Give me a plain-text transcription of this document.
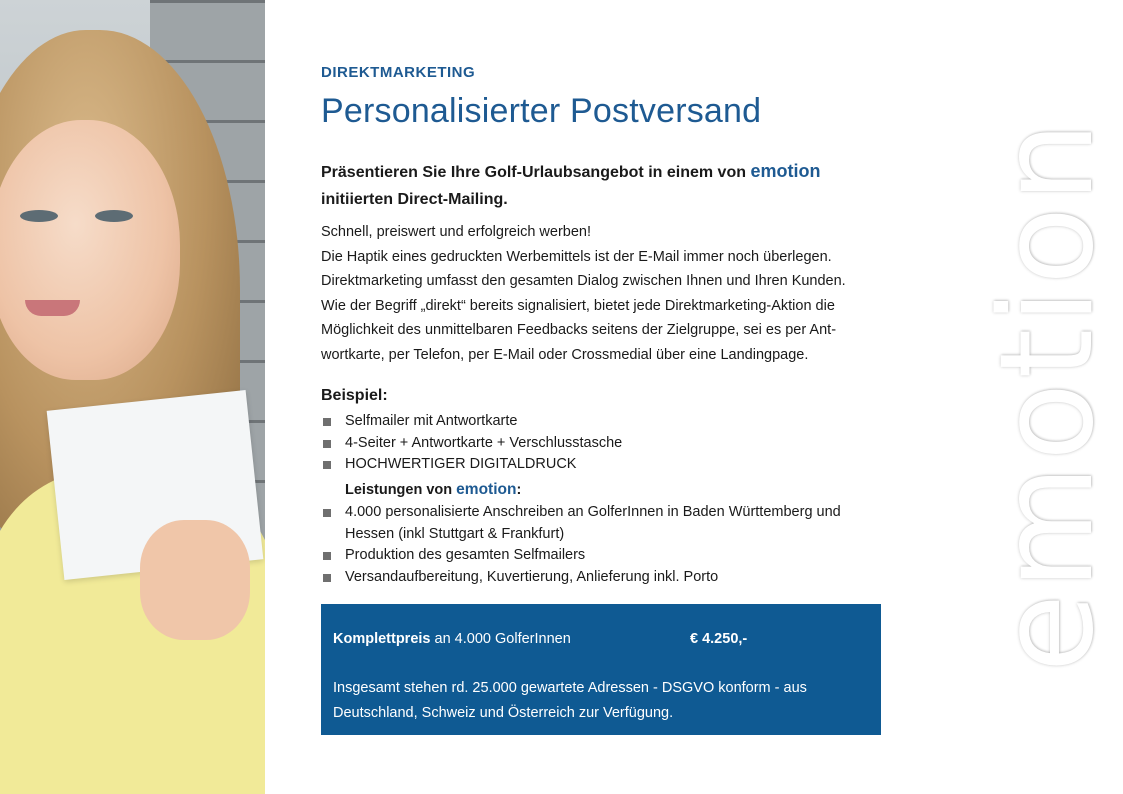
emotion
DIREKTMARKETING
Personalisierter Postversand
Präsentieren Sie Ihre Golf-Urlaubsangebot in einem von emotion
initiierten Direct-Mailing.

Schnell, preiswert und erfolgreich werben!

Die Haptik eines gedruckten Werbemittels ist der E-Mail immer noch überlegen.

Direktmarketing umfasst den gesamten Dialog zwischen Ihnen und Ihren Kunden.

Wie der Begriff „direkt“ bereits signalisiert, bietet jede Direktmarketing-Aktion die

Möglichkeit des unmittelbaren Feedbacks seitens der Zielgruppe, sei es per Ant-

wortkarte, per Telefon, per E-Mail oder Crossmedial über eine Landingpage.

Beispiel:
Selfmailer mit Antwortkarte
4-Seiter + Antwortkarte + Verschlusstasche
HOCHWERTIGER DIGITALDRUCK
Leistungen von emotion:
4.000 personalisierte Anschreiben an GolferInnen in Baden Württemberg und Hessen (inkl Stuttgart & Frankfurt)
Produktion des gesamten Selfmailers
Versandaufbereitung, Kuvertierung, Anlieferung inkl. Porto
Komplettpreis an 4.000 GolferInnen	€ 4.250,-
Insgesamt stehen rd. 25.000 gewartete Adressen - DSGVO konform - aus Deutschland, Schweiz und Österreich zur Verfügung.
